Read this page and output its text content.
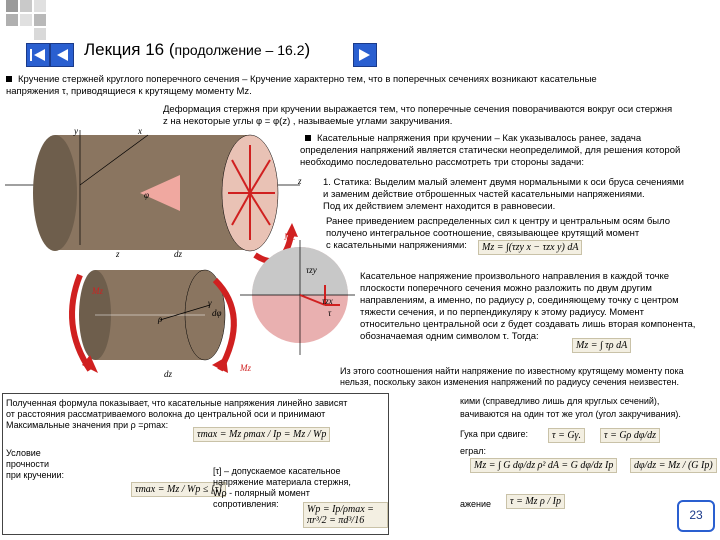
Лекция 16 (продолжение – 16.2)
Кручение стержней круглого поперечного сечения – Кручение характерно тем, что в поперечных сечениях возникают касательные
напряжения τ, приводящиеся к крутящему моменту Mz.
Деформация стержня при кручении выражается тем, что поперечные сечения поворачиваются вокруг оси стержня
z на некоторые углы φ = φ(z) , называемые углами закручивания.
Касательные напряжения при кручении – Как указывалось ранее, задача
определения напряжений является статически неопределимой, для решения которой
необходимо последовательно рассмотреть три стороны задачи:
1. Статика: Выделим малый элемент двумя нормальными к оси бруса сечениями
и заменим действие отброшенных частей касательными напряжениями.
Под их действием элемент находится в равновесии.
Ранее приведением распределенных сил к центру и центральным осям было
получено интегральное соотношение, связывающее крутящий момент
с касательными напряжениями:	Mz = ∫(τzy x − τzx y) dA
Касательное напряжение произвольного направления в каждой точке
плоскости поперечного сечения можно разложить по двум другим
направлениям, а именно, по радиусу ρ, соединяющему точку с центром
тяжести сечения, и по перпендикуляру к этому радиусу. Момент
относительно центральной оси z будет создавать лишь вторая компонента,
обозначаемая одним символом τ. Тогда:
Mz = ∫ τρ dA
Из этого соотношения найти напряжение по известному крутящему моменту пока
нельзя, поскольку закон изменения напряжений по радиусу сечения неизвестен.
y	x
z
φ
Mz
z	dz
Mz
ρ
γ
dφ
dz
Mz
τzy
τzx
τ
Полученная формула показывает, что касательные напряжения линейно зависят
от расстояния рассматриваемого волокна до центральной оси и принимают
Максимальные значения при ρ =ρmax:
τmax = Mz ρmax / Ip = Mz / Wp
Условие
прочности
при кручении:
τmax = Mz / Wp ≤ [τ]
[τ] – допускаемое касательное
напряжение материала стержня,
Wρ - полярный момент
сопротивления:	Wp = Ip/ρmax = πr³/2 = πd³/16
кими (справедливо лишь для круглых сечений),
вачиваются на один тот же угол (угол закручивания).
Гука при сдвиге:	τ = Gγ.	τ = Gρ dφ/dz
еграл:
Mz = ∫ G dφ/dz ρ² dA = G dφ/dz Ip	dφ/dz = Mz / (G Ip)
ажение	τ = Mz ρ / Ip
23
